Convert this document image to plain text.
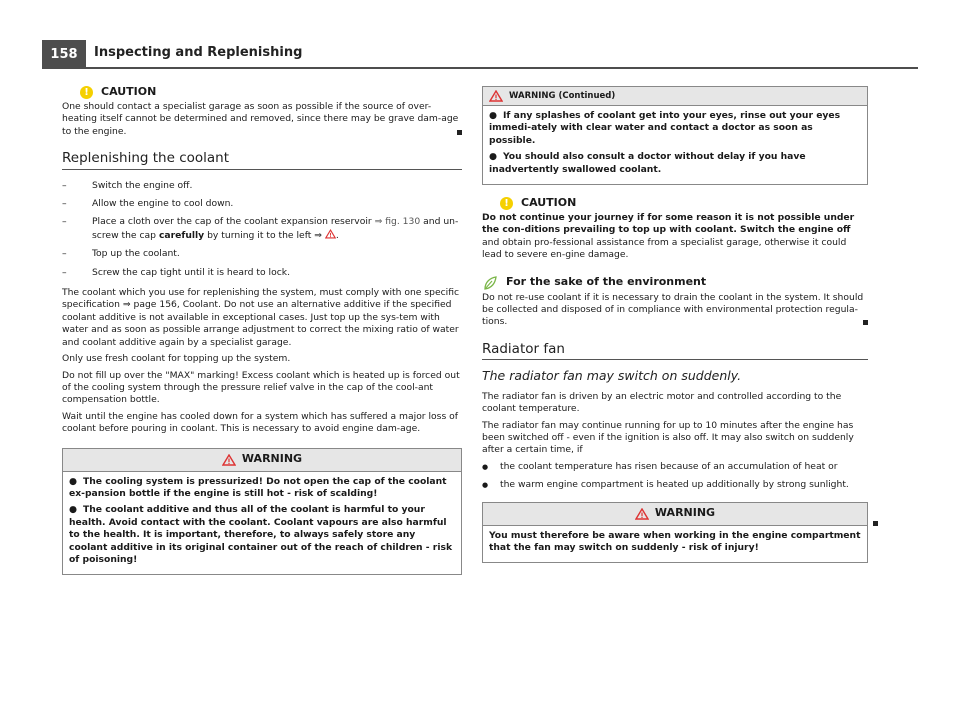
158	Inspecting and Replenishing
!	CAUTION

One should contact a specialist garage as soon as possible if the source of over-heating itself cannot be determined and removed, since there may be grave dam-age to the engine.

Replenishing the coolant
– Switch the engine off.
– Allow the engine to cool down.
– Place a cloth over the cap of the coolant expansion reservoir ⇒ fig. 130 and un-screw the cap carefully by turning it to the left ⇒ .
– Top up the coolant.
– Screw the cap tight until it is heard to lock.

The coolant which you use for replenishing the system, must comply with one specific specification ⇒ page 156, Coolant. Do not use an alternative additive if the specified coolant additive is not available in exceptional cases. Just top up the sys-tem with water and as soon as possible arrange adjustment to correct the mixing ratio of water and coolant additive again by a specialist garage.

Only use fresh coolant for topping up the system.

Do not fill up over the "MAX" marking! Excess coolant which is heated up is forced out of the cooling system through the pressure relief valve in the cap of the cool-ant compensation bottle.

Wait until the engine has cooled down for a system which has suffered a major loss of coolant before pouring in coolant. This is necessary to avoid engine dam-age.

WARNING

● The cooling system is pressurized! Do not open the cap of the coolant ex-pansion bottle if the engine is still hot - risk of scalding!

● The coolant additive and thus all of the coolant is harmful to your health. Avoid contact with the coolant. Coolant vapours are also harmful to the health. It is important, therefore, to always safely store any coolant additive in its original container out of the reach of children - risk of poisoning!

WARNING (Continued)

● If any splashes of coolant get into your eyes, rinse out your eyes immedi-ately with clear water and contact a doctor as soon as possible.

● You should also consult a doctor without delay if you have inadvertently swallowed coolant.

!	CAUTION

Do not continue your journey if for some reason it is not possible under the con-ditions prevailing to top up with coolant. Switch the engine off and obtain pro-fessional assistance from a specialist garage, otherwise it could lead to severe en-gine damage.

For the sake of the environment

Do not re-use coolant if it is necessary to drain the coolant in the system. It should be collected and disposed of in compliance with environmental protection regula-tions.

Radiator fan
The radiator fan may switch on suddenly.

The radiator fan is driven by an electric motor and controlled according to the coolant temperature.

The radiator fan may continue running for up to 10 minutes after the engine has been switched off - even if the ignition is also off. It may also switch on suddenly after a certain time, if

● the coolant temperature has risen because of an accumulation of heat or
● the warm engine compartment is heated up additionally by strong sunlight.
WARNING

You must therefore be aware when working in the engine compartment that the fan may switch on suddenly - risk of injury!
